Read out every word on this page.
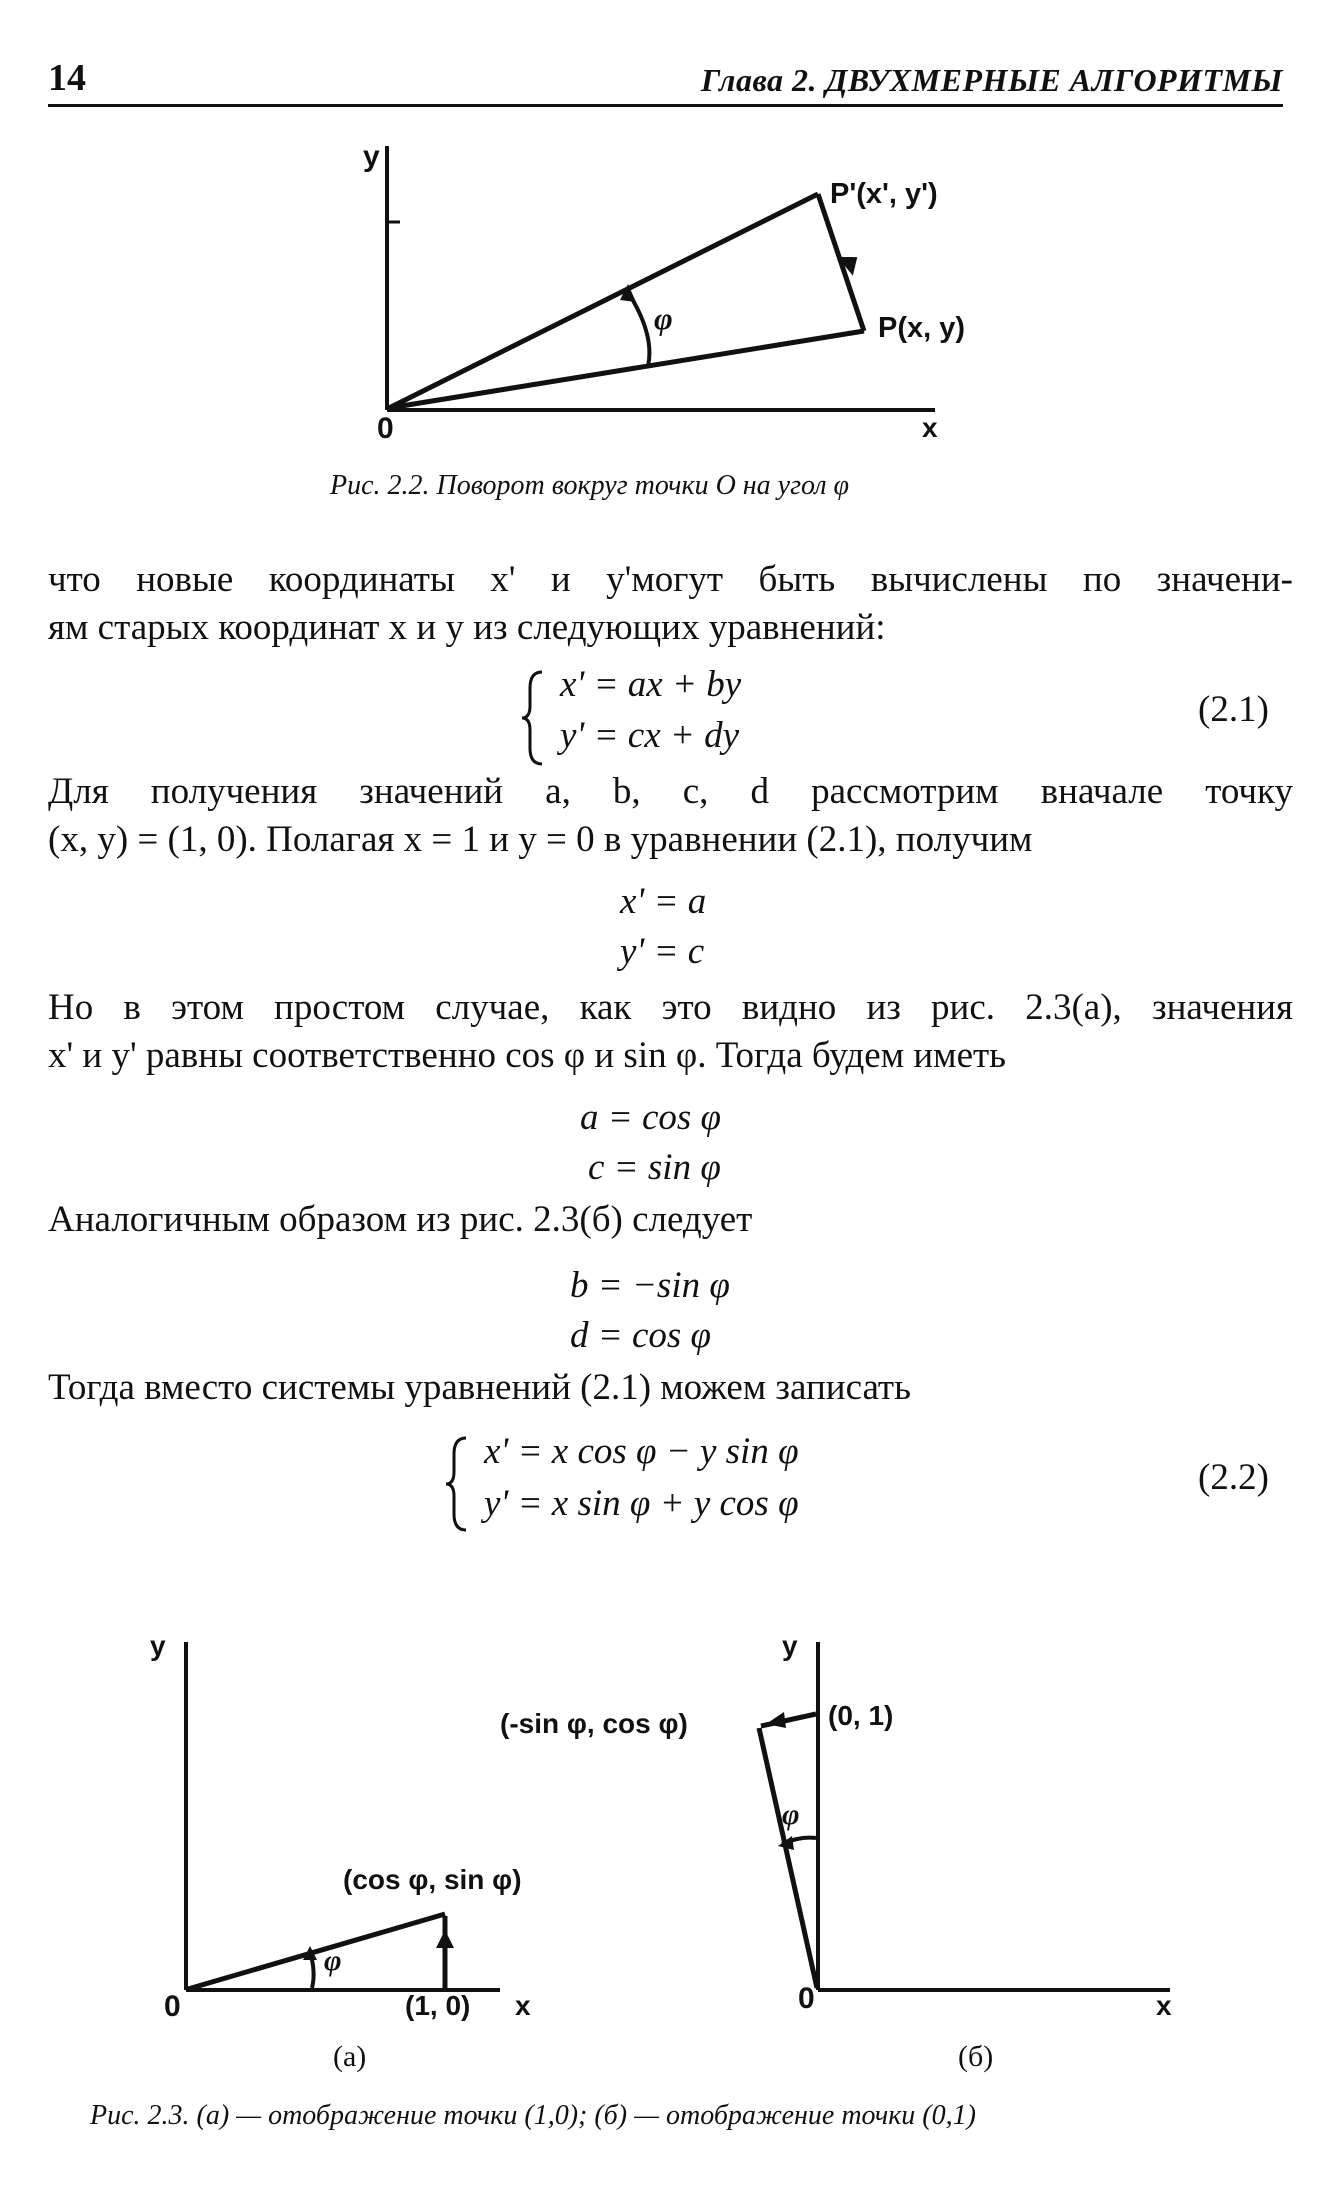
14	Глава 2. ДВУХМЕРНЫЕ АЛГОРИТМЫ
y
x
0
P'(x', y')
P(x, y)
φ
Рис. 2.2. Поворот вокруг точки O на угол φ
что новые координаты x' и y'могут быть вычислены по значени-
ям старых координат x и y из следующих уравнений:
x' = ax + by
y' = cx + dy
(2.1)
Для получения значений a, b, c, d рассмотрим вначале точку
(x, y) = (1, 0). Полагая x = 1 и y = 0 в уравнении (2.1), получим
x' = a
y' = c
Но в этом простом случае, как это видно из рис. 2.3(а), значения
x' и y' равны соответственно cos φ и sin φ. Тогда будем иметь
a = cos φ
c = sin φ
Аналогичным образом из рис. 2.3(б) следует
b = −sin φ
d = cos φ
Тогда вместо системы уравнений (2.1) можем записать
x' = x cos φ − y sin φ
y' = x sin φ + y cos φ
(2.2)
y
x
0	(1, 0)
(cos φ, sin φ)
φ
(а)
y
x
0
(0, 1)
(-sin φ, cos φ)
φ
(б)
Рис. 2.3. (а) — отображение точки (1,0); (б) — отображение точки (0,1)
